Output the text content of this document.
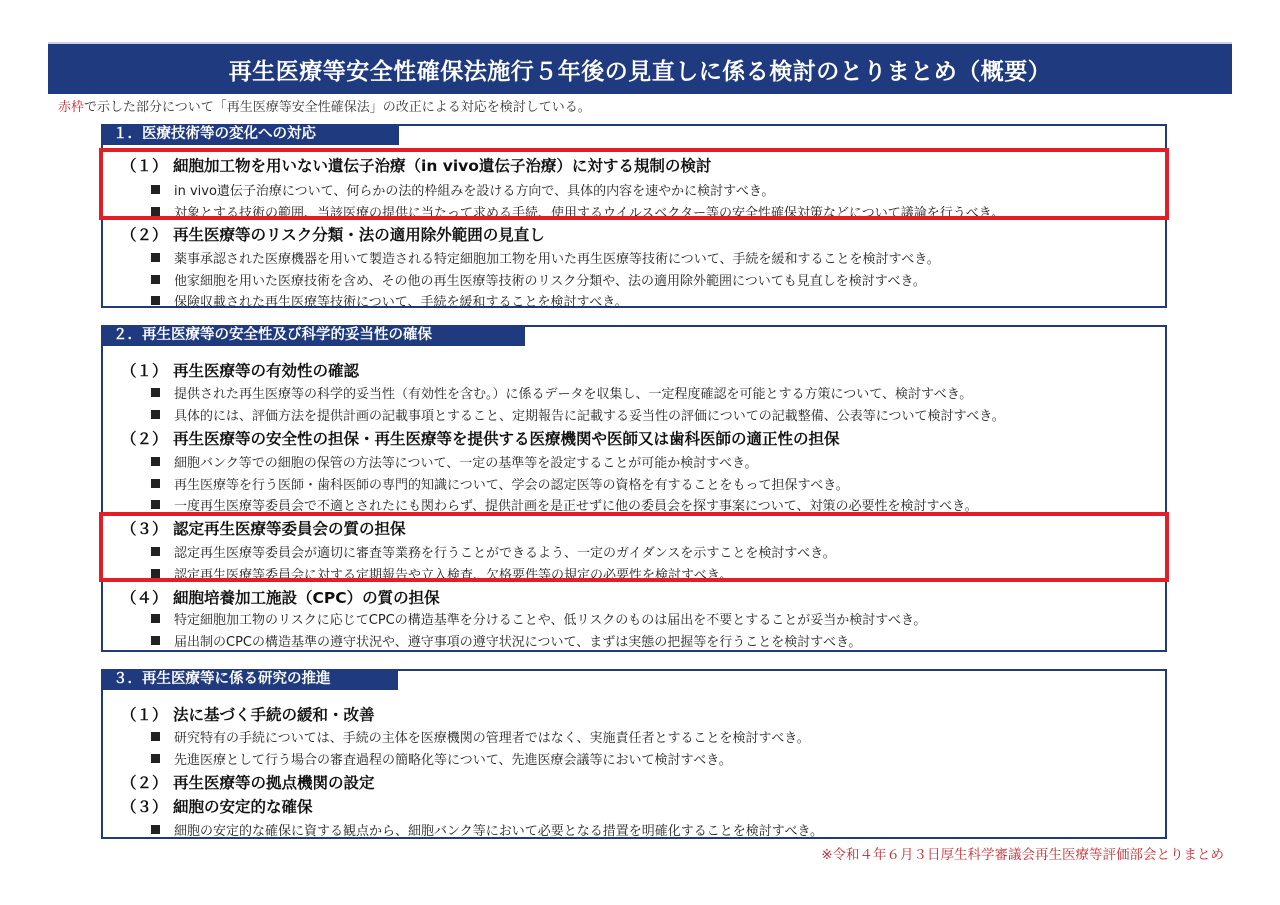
再生医療等安全性確保法施行５年後の見直しに係る検討のとりまとめ（概要）
赤枠で示した部分について「再生医療等安全性確保法」の改正による対応を検討している。
１．医療技術等の変化への対応
（１） 細胞加工物を用いない遺伝子治療（in vivo遺伝子治療）に対する規制の検討
in vivo遺伝子治療について、何らかの法的枠組みを設ける方向で、具体的内容を速やかに検討すべき。
対象とする技術の範囲、当該医療の提供に当たって求める手続、使用するウイルスベクター等の安全性確保対策などについて議論を行うべき。
（２） 再生医療等のリスク分類・法の適用除外範囲の見直し
薬事承認された医療機器を用いて製造される特定細胞加工物を用いた再生医療等技術について、手続を緩和することを検討すべき。
他家細胞を用いた医療技術を含め、その他の再生医療等技術のリスク分類や、法の適用除外範囲についても見直しを検討すべき。
保険収載された再生医療等技術について、手続を緩和することを検討すべき。
２．再生医療等の安全性及び科学的妥当性の確保
（１） 再生医療等の有効性の確認
提供された再生医療等の科学的妥当性（有効性を含む。）に係るデータを収集し、一定程度確認を可能とする方策について、検討すべき。
具体的には、評価方法を提供計画の記載事項とすること、定期報告に記載する妥当性の評価についての記載整備、公表等について検討すべき。
（２） 再生医療等の安全性の担保・再生医療等を提供する医療機関や医師又は歯科医師の適正性の担保
細胞バンク等での細胞の保管の方法等について、一定の基準等を設定することが可能か検討すべき。
再生医療等を行う医師・歯科医師の専門的知識について、学会の認定医等の資格を有することをもって担保すべき。
一度再生医療等委員会で不適とされたにも関わらず、提供計画を是正せずに他の委員会を探す事案について、対策の必要性を検討すべき。
（３） 認定再生医療等委員会の質の担保
認定再生医療等委員会が適切に審査等業務を行うことができるよう、一定のガイダンスを示すことを検討すべき。
認定再生医療等委員会に対する定期報告や立入検査、欠格要件等の規定の必要性を検討すべき。
（４） 細胞培養加工施設（CPC）の質の担保
特定細胞加工物のリスクに応じてCPCの構造基準を分けることや、低リスクのものは届出を不要とすることが妥当か検討すべき。
届出制のCPCの構造基準の遵守状況や、遵守事項の遵守状況について、まずは実態の把握等を行うことを検討すべき。
３．再生医療等に係る研究の推進
（１） 法に基づく手続の緩和・改善
研究特有の手続については、手続の主体を医療機関の管理者ではなく、実施責任者とすることを検討すべき。
先進医療として行う場合の審査過程の簡略化等について、先進医療会議等において検討すべき。
（２） 再生医療等の拠点機関の設定
（３） 細胞の安定的な確保
細胞の安定的な確保に資する観点から、細胞バンク等において必要となる措置を明確化することを検討すべき。
※令和４年６月３日厚生科学審議会再生医療等評価部会とりまとめ
